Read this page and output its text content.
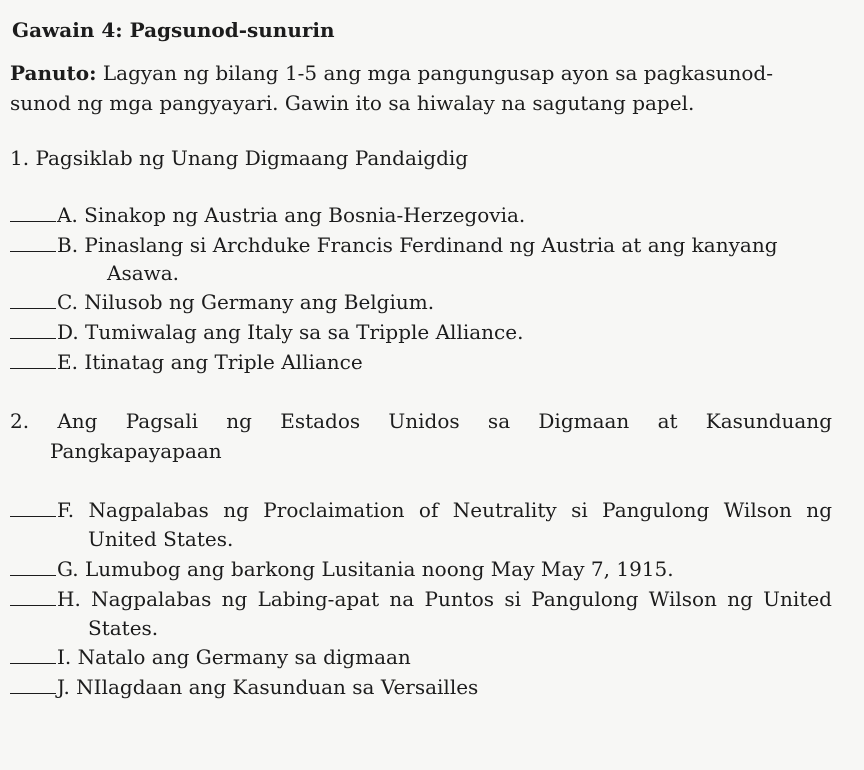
Gawain 4: Pagsunod-sunurin

Panuto: Lagyan ng bilang 1-5 ang mga pangungusap ayon sa pagkasunod-sunod ng mga pangyayari. Gawin ito sa hiwalay na sagutang papel.

1. Pagsiklab ng Unang Digmaang Pandaigdig

A. Sinakop ng Austria ang Bosnia-Herzegovia.

B. Pinaslang si Archduke Francis Ferdinand ng Austria at ang kanyang

Asawa.

C. Nilusob ng Germany ang Belgium.

D. Tumiwalag ang Italy sa sa Tripple Alliance.

E. Itinatag ang Triple Alliance

2. Ang Pagsali ng Estados Unidos sa Digmaan at Kasunduang

Pangkapayapaan

F. Nagpalabas ng Proclaimation of Neutrality si Pangulong Wilson ng

United States.

G. Lumubog ang barkong Lusitania noong May May 7, 1915.

H. Nagpalabas ng Labing-apat na Puntos si Pangulong Wilson ng United

States.

I. Natalo ang Germany sa digmaan

J. NIlagdaan ang Kasunduan sa Versailles
